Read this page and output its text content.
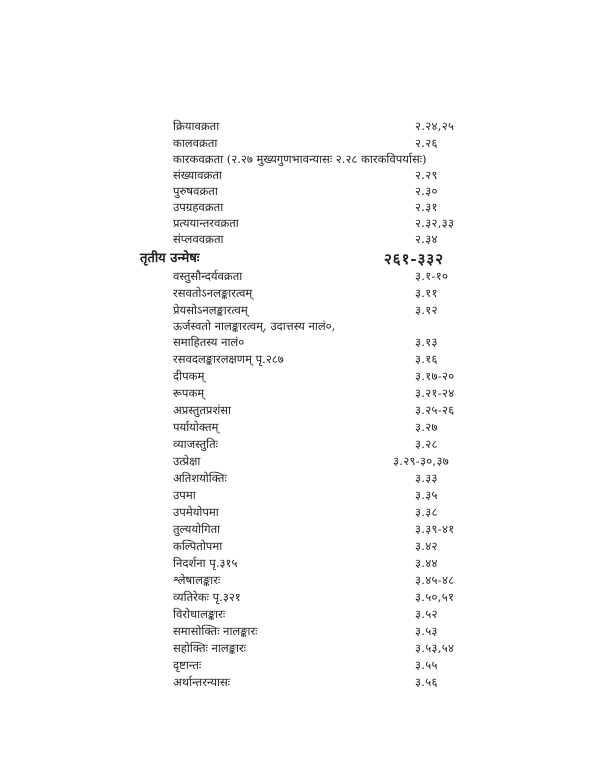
क्रियावक्रता	२.२४,२५
कालवक्रता	२.२६
कारकवक्रता (२.२७ मुख्यगुणभावन्यासः २.२८ कारकविपर्यासः)
संख्यावक्रता	२.२९
पुरुषवक्रता	२.३०
उपग्रहवक्रता	२.३१
प्रत्ययान्तरवक्रता	२.३२,३३
संप्लववक्रता	२.३४
तृतीय उन्मेषः	२६१-३३२
वस्तुसौन्दर्यवक्रता	३.१-१०
रसवतोऽनलङ्कारत्वम्	३.११
प्रेयसोऽनलङ्कारत्वम्	३.१२
ऊर्जस्वतो नालङ्कारत्वम्, उदात्तस्य नालं०,
समाहितस्य नालं०	३.१३
रसवदलङ्कारलक्षणम् पृ.२८७	३.१६
दीपकम्	३.१७-२०
रूपकम्	३.२१-२४
अप्रस्तुतप्रशंसा	३.२५-२६
पर्यायोक्तम्	३.२७
व्याजस्तुतिः	३.२८
उत्प्रेक्षा	३.२९-३०,३७
अतिशयोक्तिः	३.३३
उपमा	३.३५
उपमेयोपमा	३.३८
तुल्ययोगिता	३.३९-४१
कल्पितोपमा	३.४२
निदर्शना पृ.३१५	३.४४
श्लेषालङ्कारः	३.४५-४८
व्यतिरेकः पृ.३२१	३.५०,५१
विरोधालङ्कारः	३.५२
समासोक्तिः नालङ्कारः	३.५३
सहोक्तिः नालङ्कारः	३.५३,५४
दृष्टान्तः	३.५५
अर्थान्तरन्यासः	३.५६
